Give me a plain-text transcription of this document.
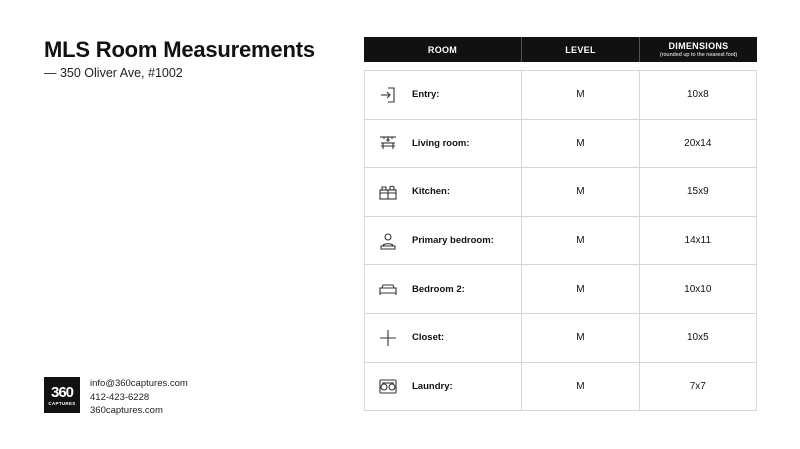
MLS Room Measurements
— 350 Oliver Ave, #1002
ROOM	LEVEL	DIMENSIONS
(rounded up to the nearest foot)
Entry:	M	10x8
Living room:	M	20x14
Kitchen:	M	15x9
Primary bedroom:	M	14x11
Bedroom 2:	M	10x10
Closet:	M	10x5
Laundry:	M	7x7
360
CAPTURES
info@360captures.com
412-423-6228
360captures.com
